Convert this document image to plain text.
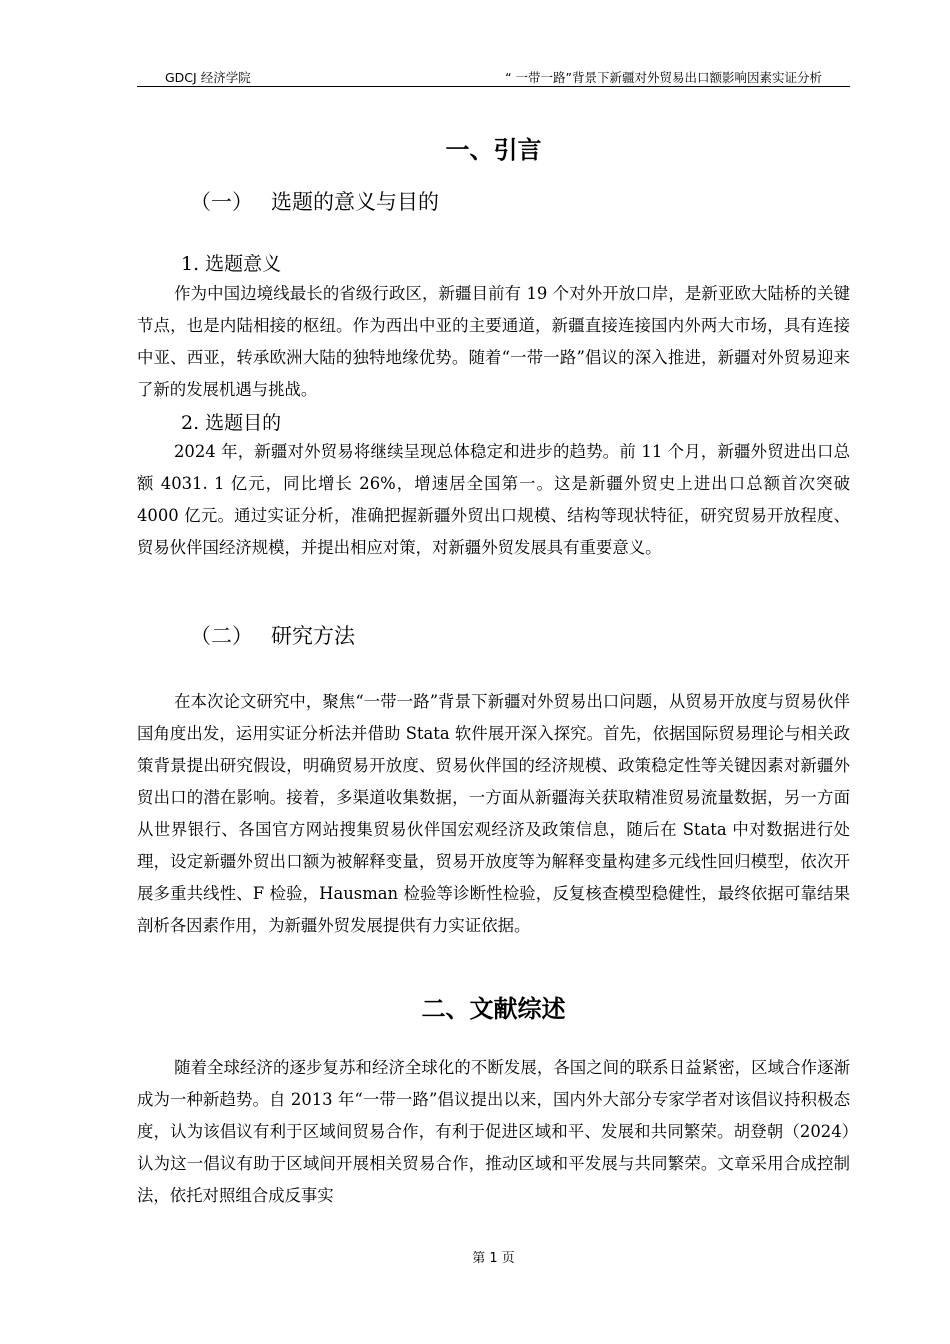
GDCJ 经济学院	“ 一带一路”背景下新疆对外贸易出口额影响因素实证分析
一、引言
（一） 选题的意义与目的
1. 选题意义
作为中国边境线最长的省级行政区，新疆目前有 19 个对外开放口岸，是新亚欧大陆桥的关键节点，也是内陆相接的枢纽。作为西出中亚的主要通道，新疆直接连接国内外两大市场，具有连接中亚、西亚，转承欧洲大陆的独特地缘优势。随着“一带一路”倡议的深入推进，新疆对外贸易迎来了新的发展机遇与挑战。
2. 选题目的
2024 年，新疆对外贸易将继续呈现总体稳定和进步的趋势。前 11 个月，新疆外贸进出口总额 4031. 1 亿元，同比增长 26%，增速居全国第一。这是新疆外贸史上进出口总额首次突破 4000 亿元。通过实证分析，准确把握新疆外贸出口规模、结构等现状特征，研究贸易开放程度、贸易伙伴国经济规模，并提出相应对策，对新疆外贸发展具有重要意义。
（二） 研究方法
在本次论文研究中，聚焦“一带一路”背景下新疆对外贸易出口问题，从贸易开放度与贸易伙伴国角度出发，运用实证分析法并借助 Stata 软件展开深入探究。首先，依据国际贸易理论与相关政策背景提出研究假设，明确贸易开放度、贸易伙伴国的经济规模、政策稳定性等关键因素对新疆外贸出口的潜在影响。接着，多渠道收集数据，一方面从新疆海关获取精准贸易流量数据，另一方面从世界银行、各国官方网站搜集贸易伙伴国宏观经济及政策信息，随后在 Stata 中对数据进行处理，设定新疆外贸出口额为被解释变量，贸易开放度等为解释变量构建多元线性回归模型，依次开展多重共线性、F 检验，Hausman 检验等诊断性检验，反复核查模型稳健性，最终依据可靠结果剖析各因素作用，为新疆外贸发展提供有力实证依据。
二、文献综述
随着全球经济的逐步复苏和经济全球化的不断发展，各国之间的联系日益紧密，区域合作逐渐成为一种新趋势。自 2013 年“一带一路”倡议提出以来，国内外大部分专家学者对该倡议持积极态度，认为该倡议有利于区域间贸易合作，有利于促进区域和平、发展和共同繁荣。胡登朝（2024）认为这一倡议有助于区域间开展相关贸易合作，推动区域和平发展与共同繁荣。文章采用合成控制法，依托对照组合成反事实
第 1 页
